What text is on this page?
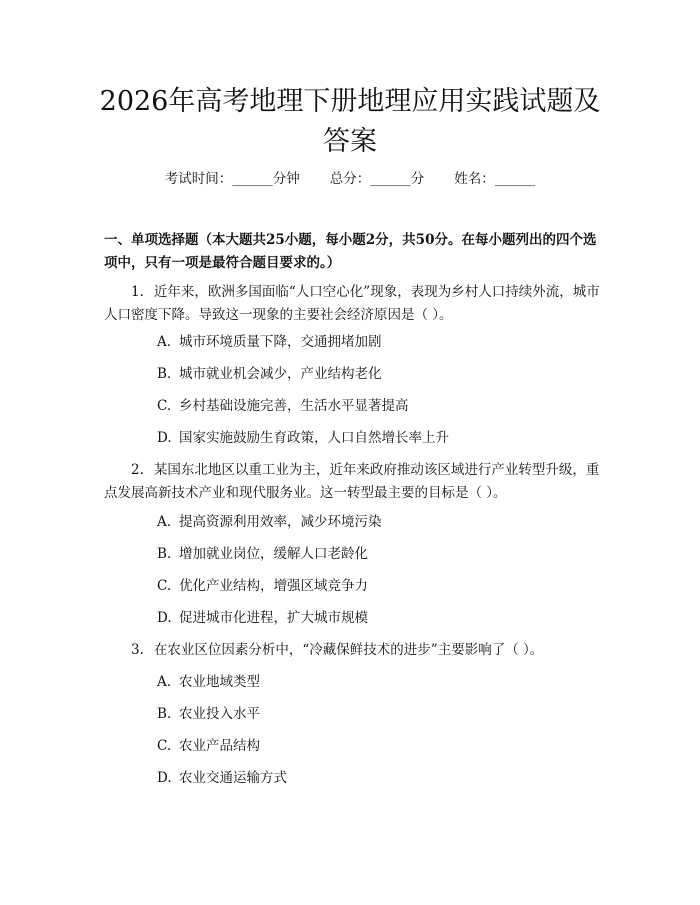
2026年高考地理下册地理应用实践试题及答案
考试时间：______分钟 总分：______分 姓名：______
一、单项选择题（本大题共25小题，每小题2分，共50分。在每小题列出的四个选项中，只有一项是最符合题目要求的。）
1. 近年来，欧洲多国面临“人口空心化”现象，表现为乡村人口持续外流，城市人口密度下降。导致这一现象的主要社会经济原因是（ ）。
A. 城市环境质量下降，交通拥堵加剧
B. 城市就业机会减少，产业结构老化
C. 乡村基础设施完善，生活水平显著提高
D. 国家实施鼓励生育政策，人口自然增长率上升
2. 某国东北地区以重工业为主，近年来政府推动该区域进行产业转型升级，重点发展高新技术产业和现代服务业。这一转型最主要的目标是（ ）。
A. 提高资源利用效率，减少环境污染
B. 增加就业岗位，缓解人口老龄化
C. 优化产业结构，增强区域竞争力
D. 促进城市化进程，扩大城市规模
3. 在农业区位因素分析中，“冷藏保鲜技术的进步”主要影响了（ ）。
A. 农业地域类型
B. 农业投入水平
C. 农业产品结构
D. 农业交通运输方式
